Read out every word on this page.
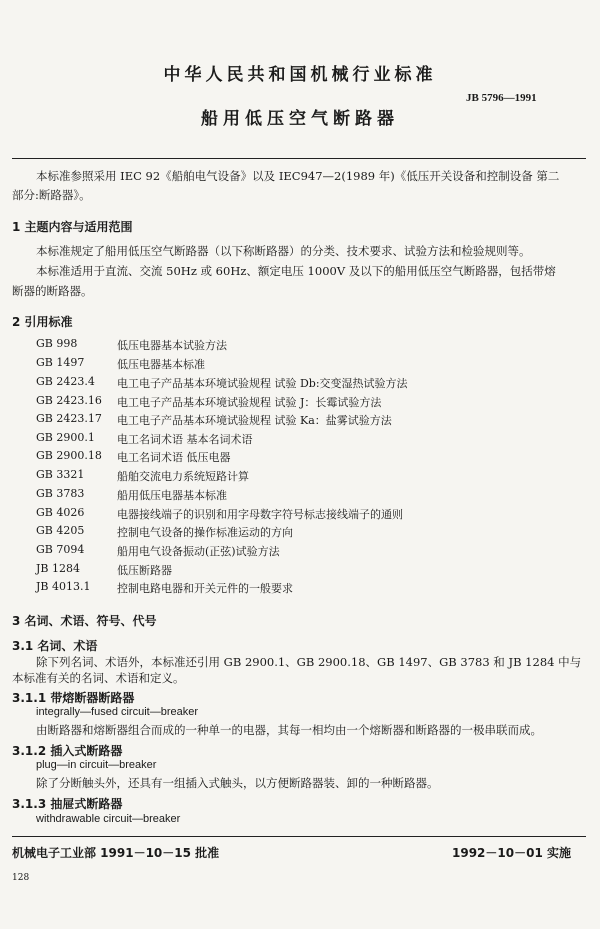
中华人民共和国机械行业标准
JB 5796—1991
船用低压空气断路器
本标准参照采用 IEC 92《船舶电气设备》以及 IEC947—2(1989 年)《低压开关设备和控制设备 第二
部分:断路器》。
1 主题内容与适用范围
本标准规定了船用低压空气断路器（以下称断路器）的分类、技术要求、试验方法和检验规则等。
本标准适用于直流、交流 50Hz 或 60Hz、额定电压 1000V 及以下的船用低压空气断路器，包括带熔
断器的断路器。
2 引用标准
GB 998	低压电器基本试验方法
GB 1497	低压电器基本标准
GB 2423.4 电工电子产品基本环境试验规程 试验 Db:交变湿热试验方法
GB 2423.16 电工电子产品基本环境试验规程 试验 J：长霉试验方法
GB 2423.17 电工电子产品基本环境试验规程 试验 Ka：盐雾试验方法
GB 2900.1 电工名词术语 基本名词术语
GB 2900.18 电工名词术语 低压电器
GB 3321	船舶交流电力系统短路计算
GB 3783	船用低压电器基本标准
GB 4026	电器接线端子的识别和用字母数字符号标志接线端子的通则
GB 4205	控制电气设备的操作标准运动的方向
GB 7094	船用电气设备振动(正弦)试验方法
JB 1284	低压断路器
JB 4013.1 控制电路电器和开关元件的一般要求
3 名词、术语、符号、代号
3.1 名词、术语
除下列名词、术语外，本标准还引用 GB 2900.1、GB 2900.18、GB 1497、GB 3783 和 JB 1284 中与
本标准有关的名词、术语和定义。
3.1.1 带熔断器断路器
integrally—fused circuit—breaker
由断路器和熔断器组合而成的一种单一的电器，其每一相均由一个熔断器和断路器的一极串联而成。
3.1.2 插入式断路器
plug—in circuit—breaker
除了分断触头外，还具有一组插入式触头，以方便断路器装、卸的一种断路器。
3.1.3 抽屉式断路器
withdrawable circuit—breaker
机械电子工业部 1991－10－15 批准	1992－10－01 实施
128
